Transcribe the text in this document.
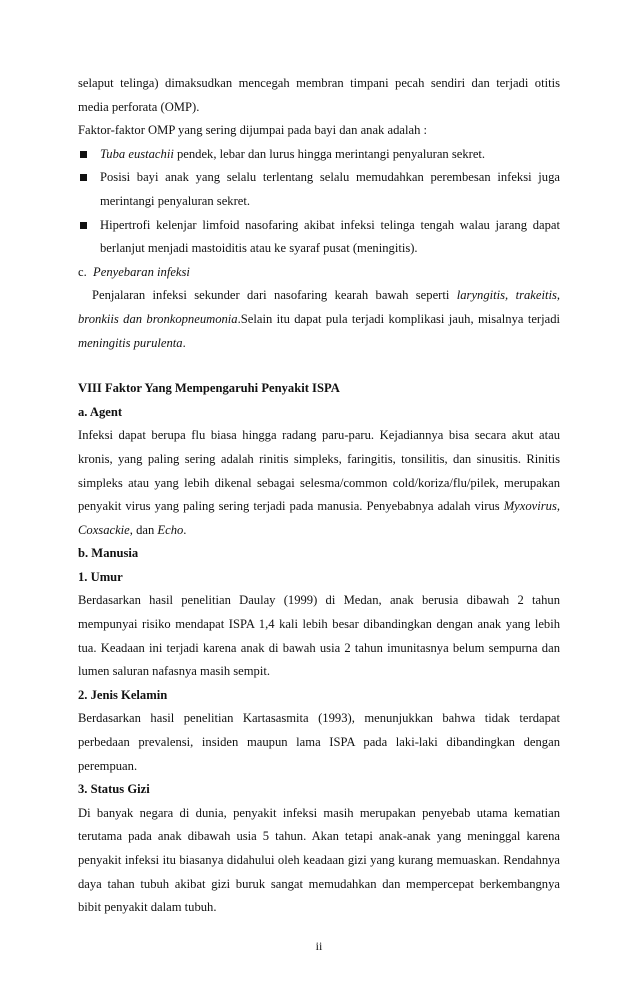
selaput telinga) dimaksudkan mencegah membran timpani pecah sendiri dan terjadi otitis media perforata (OMP).

Faktor-faktor OMP yang sering dijumpai pada bayi dan anak adalah :

Tuba eustachii pendek, lebar dan lurus hingga merintangi penyaluran sekret.
Posisi bayi anak yang selalu terlentang selalu memudahkan perembesan infeksi juga merintangi penyaluran sekret.
Hipertrofi kelenjar limfoid nasofaring akibat infeksi telinga tengah walau jarang dapat berlanjut menjadi mastoiditis atau ke syaraf pusat (meningitis).

c. Penyebaran infeksi

Penjalaran infeksi sekunder dari nasofaring kearah bawah seperti laryngitis, trakeitis, bronkiis dan bronkopneumonia.Selain itu dapat pula terjadi komplikasi jauh, misalnya terjadi meningitis purulenta.

VIII Faktor Yang Mempengaruhi Penyakit ISPA

a. Agent

Infeksi dapat berupa flu biasa hingga radang paru-paru. Kejadiannya bisa secara akut atau kronis, yang paling sering adalah rinitis simpleks, faringitis, tonsilitis, dan sinusitis. Rinitis simpleks atau yang lebih dikenal sebagai selesma/common cold/koriza/flu/pilek, merupakan penyakit virus yang paling sering terjadi pada manusia. Penyebabnya adalah virus Myxovirus, Coxsackie, dan Echo.

b. Manusia

1. Umur

Berdasarkan hasil penelitian Daulay (1999) di Medan, anak berusia dibawah 2 tahun mempunyai risiko mendapat ISPA 1,4 kali lebih besar dibandingkan dengan anak yang lebih tua. Keadaan ini terjadi karena anak di bawah usia 2 tahun imunitasnya belum sempurna dan lumen saluran nafasnya masih sempit.

2. Jenis Kelamin

Berdasarkan hasil penelitian Kartasasmita (1993), menunjukkan bahwa tidak terdapat perbedaan prevalensi, insiden maupun lama ISPA pada laki-laki dibandingkan dengan perempuan.

3. Status Gizi

Di banyak negara di dunia, penyakit infeksi masih merupakan penyebab utama kematian terutama pada anak dibawah usia 5 tahun. Akan tetapi anak-anak yang meninggal karena penyakit infeksi itu biasanya didahului oleh keadaan gizi yang kurang memuaskan. Rendahnya daya tahan tubuh akibat gizi buruk sangat memudahkan dan mempercepat berkembangnya bibit penyakit dalam tubuh.

ii
